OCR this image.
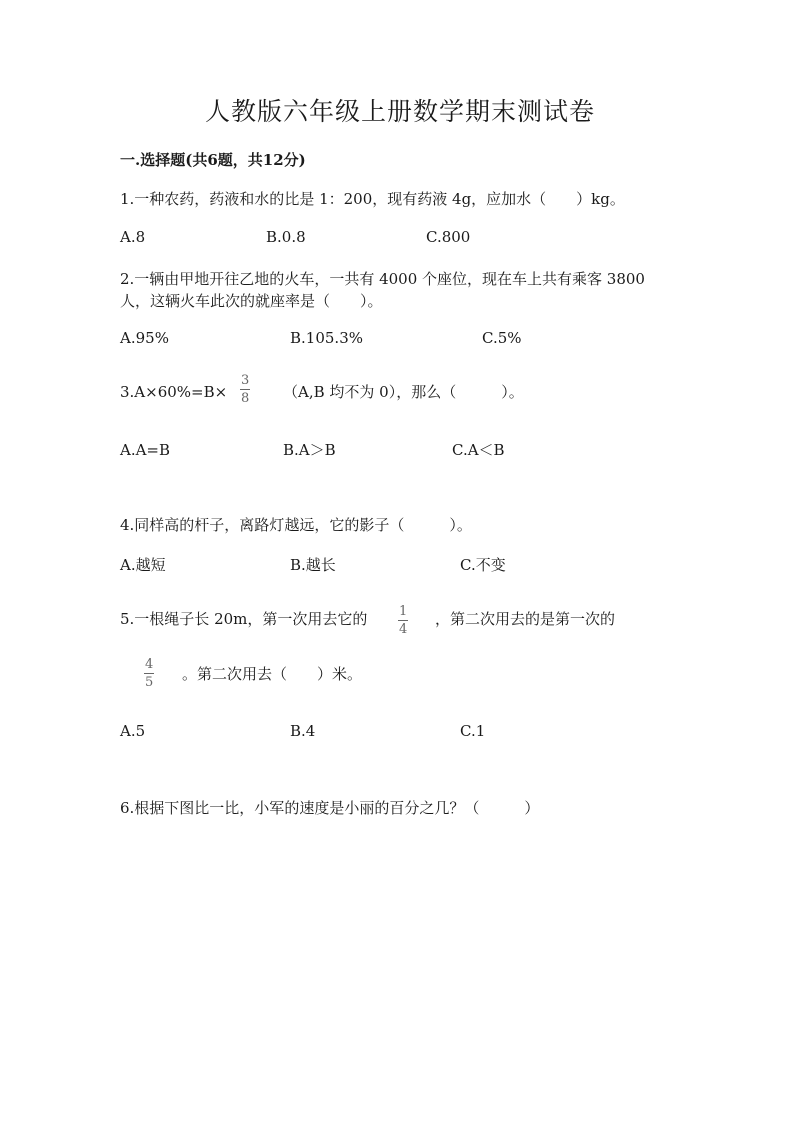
人教版六年级上册数学期末测试卷
一.选择题(共6题，共12分)
1.一种农药，药液和水的比是 1：200，现有药液 4g，应加水（　　）kg。
A.8	B.0.8	C.800
2.一辆由甲地开往乙地的火车，一共有 4000 个座位，现在车上共有乘客 3800
人，这辆火车此次的就座率是（　　）。
A.95%	B.105.3%	C.5%
3.A×60%=B×
3
8 （A,B 均不为 0），那么（　　　）。
A.A=B	B.A＞B	C.A＜B
4.同样高的杆子，离路灯越远，它的影子（　　　）。
A.越短	B.越长	C.不变
5.一根绳子长 20m，第一次用去它的 1
4
，第二次用去的是第一次的
4
5 。第二次用去（　　）米。
A.5	B.4	C.1
6.根据下图比一比，小军的速度是小丽的百分之几？（　　　）
